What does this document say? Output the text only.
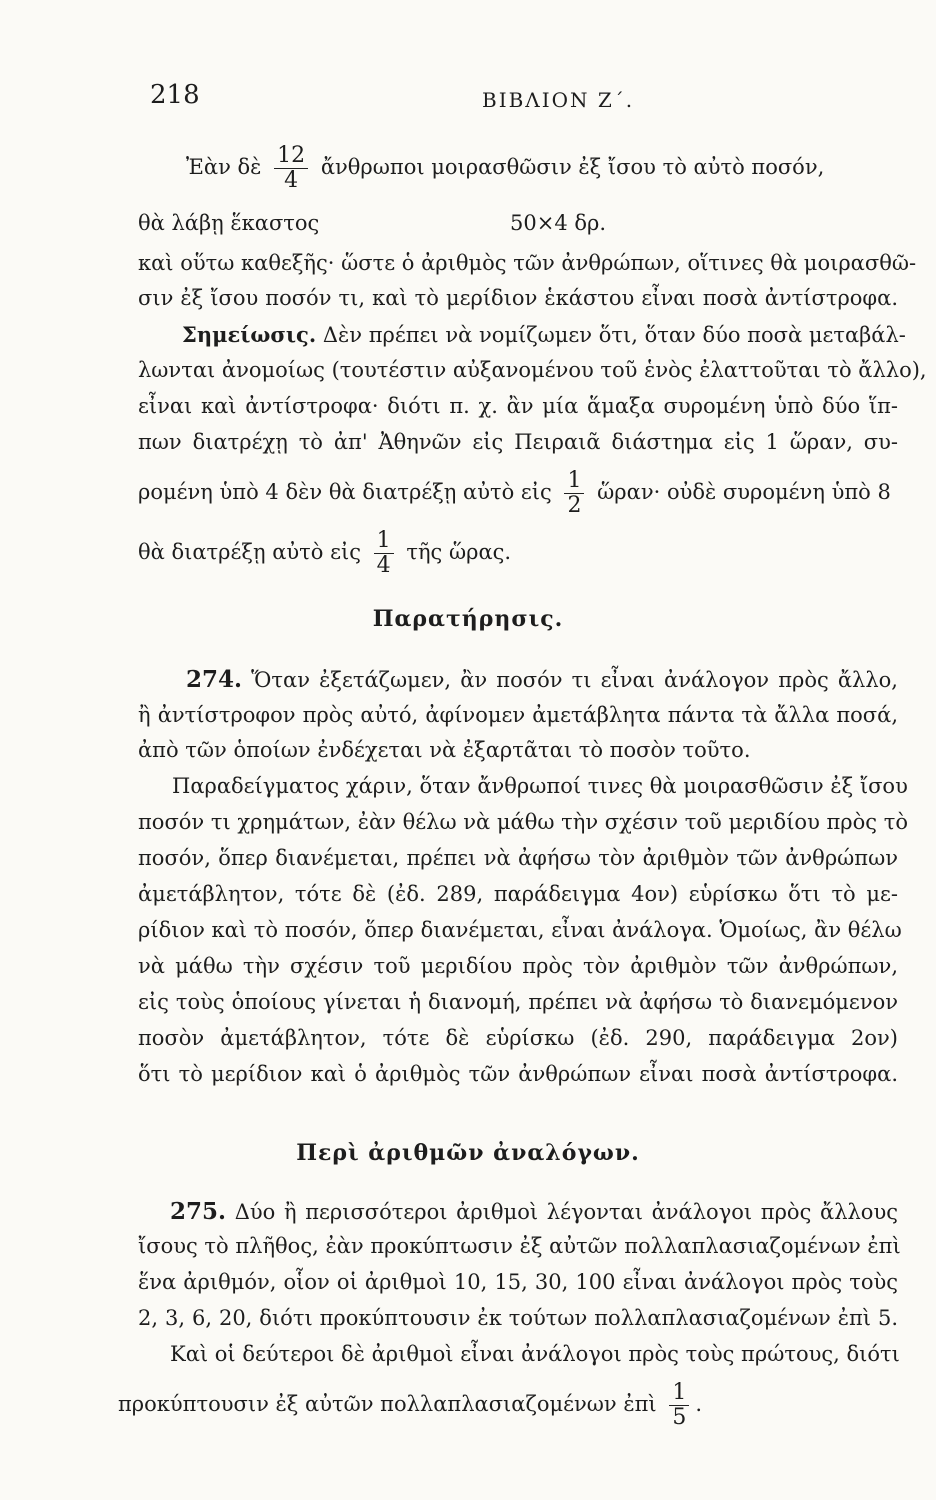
218	ΒΙΒΛΙΟΝ Ζ΄.
Ἐὰν δὲ $\frac{12}{4}$ ἄνθρωποι μοιρασθῶσιν ἐξ ἴσου τὸ αὐτὸ ποσόν,
θὰ λάβῃ ἕκαστος	50×4 δρ.
καὶ οὕτω καθεξῆς· ὥστε ὁ ἀριθμὸς τῶν ἀνθρώπων, οἵτινες θὰ μοιρασθῶ-
σιν ἐξ ἴσου ποσόν τι, καὶ τὸ μερίδιον ἑκάστου εἶναι ποσὰ ἀντίστροφα.
Σημείωσις. Δὲν πρέπει νὰ νομίζωμεν ὅτι, ὅταν δύο ποσὰ μεταβάλ-
λωνται ἀνομοίως (τουτέστιν αὐξανομένου τοῦ ἑνὸς ἐλαττοῦται τὸ ἄλλο),
εἶναι καὶ ἀντίστροφα· διότι π. χ. ἂν μία ἅμαξα συρομένη ὑπὸ δύο ἵπ-
πων διατρέχῃ τὸ ἀπ' Ἀθηνῶν εἰς Πειραιᾶ διάστημα εἰς 1 ὥραν, συ-
ρομένη ὑπὸ 4 δὲν θὰ διατρέξῃ αὐτὸ εἰς $\frac{1}{2}$ ὥραν· οὐδὲ συρομένη ὑπὸ 8
θὰ διατρέξῃ αὐτὸ εἰς $\frac{1}{4}$ τῆς ὥρας.
Παρατήρησις.
274. Ὅταν ἐξετάζωμεν, ἂν ποσόν τι εἶναι ἀνάλογον πρὸς ἄλλο,
ἢ ἀντίστροφον πρὸς αὐτό, ἀφίνομεν ἀμετάβλητα πάντα τὰ ἄλλα ποσά,
ἀπὸ τῶν ὁποίων ἐνδέχεται νὰ ἐξαρτᾶται τὸ ποσὸν τοῦτο.
Παραδείγματος χάριν, ὅταν ἄνθρωποί τινες θὰ μοιρασθῶσιν ἐξ ἴσου
ποσόν τι χρημάτων, ἐὰν θέλω νὰ μάθω τὴν σχέσιν τοῦ μεριδίου πρὸς τὸ
ποσόν, ὅπερ διανέμεται, πρέπει νὰ ἀφήσω τὸν ἀριθμὸν τῶν ἀνθρώπων
ἀμετάβλητον, τότε δὲ (ἐδ. 289, παράδειγμα 4ον) εὑρίσκω ὅτι τὸ με-
ρίδιον καὶ τὸ ποσόν, ὅπερ διανέμεται, εἶναι ἀνάλογα. Ὁμοίως, ἂν θέλω
νὰ μάθω τὴν σχέσιν τοῦ μεριδίου πρὸς τὸν ἀριθμὸν τῶν ἀνθρώπων,
εἰς τοὺς ὁποίους γίνεται ἡ διανομή, πρέπει νὰ ἀφήσω τὸ διανεμόμενον
ποσὸν ἀμετάβλητον, τότε δὲ εὑρίσκω (ἐδ. 290, παράδειγμα 2ον)
ὅτι τὸ μερίδιον καὶ ὁ ἀριθμὸς τῶν ἀνθρώπων εἶναι ποσὰ ἀντίστροφα.
Περὶ ἀριθμῶν ἀναλόγων.
275. Δύο ἢ περισσότεροι ἀριθμοὶ λέγονται ἀνάλογοι πρὸς ἄλλους
ἴσους τὸ πλῆθος, ἐὰν προκύπτωσιν ἐξ αὐτῶν πολλαπλασιαζομένων ἐπὶ
ἕνα ἀριθμόν, οἷον οἱ ἀριθμοὶ 10, 15, 30, 100 εἶναι ἀνάλογοι πρὸς τοὺς
2, 3, 6, 20, διότι προκύπτουσιν ἐκ τούτων πολλαπλασιαζομένων ἐπὶ 5.
Καὶ οἱ δεύτεροι δὲ ἀριθμοὶ εἶναι ἀνάλογοι πρὸς τοὺς πρώτους, διότι
προκύπτουσιν ἐξ αὐτῶν πολλαπλασιαζομένων ἐπὶ $\frac{1}{5}$ .
